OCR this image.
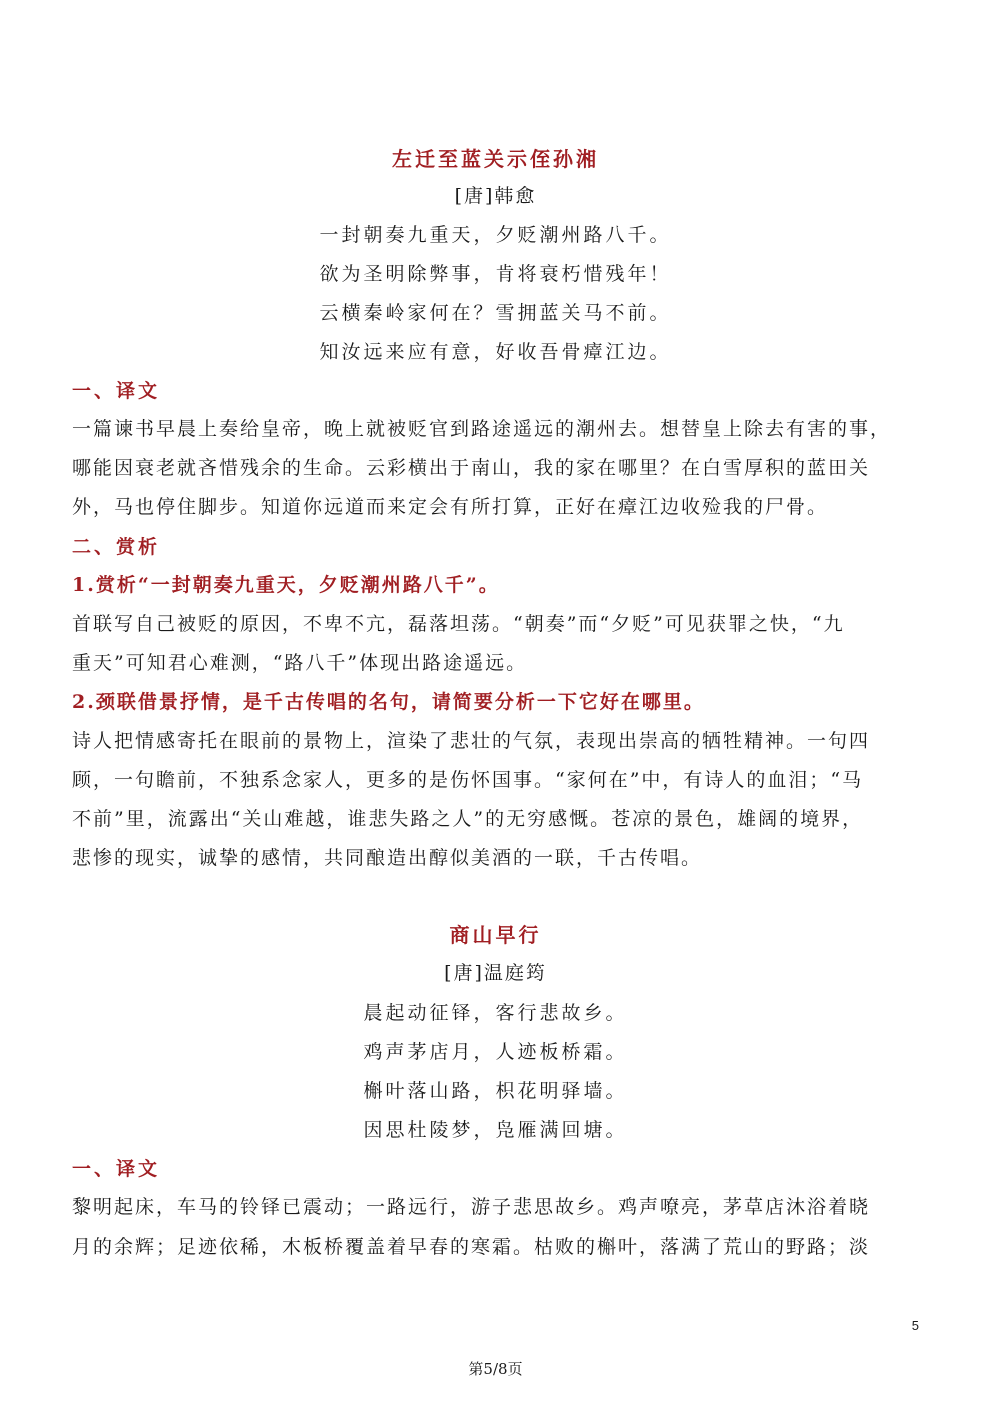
左迁至蓝关示侄孙湘
[唐]韩愈
一封朝奏九重天，夕贬潮州路八千。
欲为圣明除弊事，肯将衰朽惜残年！
云横秦岭家何在？雪拥蓝关马不前。
知汝远来应有意，好收吾骨瘴江边。
一、译文
一篇谏书早晨上奏给皇帝，晚上就被贬官到路途遥远的潮州去。想替皇上除去有害的事，
哪能因衰老就吝惜残余的生命。云彩横出于南山，我的家在哪里？在白雪厚积的蓝田关
外，马也停住脚步。知道你远道而来定会有所打算，正好在瘴江边收殓我的尸骨。
二、赏析
1.赏析“一封朝奏九重天，夕贬潮州路八千”。
首联写自己被贬的原因，不卑不亢，磊落坦荡。“朝奏”而“夕贬”可见获罪之快，“九
重天”可知君心难测，“路八千”体现出路途遥远。
2.颈联借景抒情，是千古传唱的名句，请简要分析一下它好在哪里。
诗人把情感寄托在眼前的景物上，渲染了悲壮的气氛，表现出崇高的牺牲精神。一句四
顾，一句瞻前，不独系念家人，更多的是伤怀国事。“家何在”中，有诗人的血泪；“马
不前”里，流露出“关山难越，谁悲失路之人”的无穷感慨。苍凉的景色，雄阔的境界，
悲惨的现实，诚挚的感情，共同酿造出醇似美酒的一联，千古传唱。
商山早行
[唐]温庭筠
晨起动征铎，客行悲故乡。
鸡声茅店月，人迹板桥霜。
槲叶落山路，枳花明驿墙。
因思杜陵梦，凫雁满回塘。
一、译文
黎明起床，车马的铃铎已震动；一路远行，游子悲思故乡。鸡声嘹亮，茅草店沐浴着晓
月的余辉；足迹依稀，木板桥覆盖着早春的寒霜。枯败的槲叶，落满了荒山的野路；淡
5
第5/8页
